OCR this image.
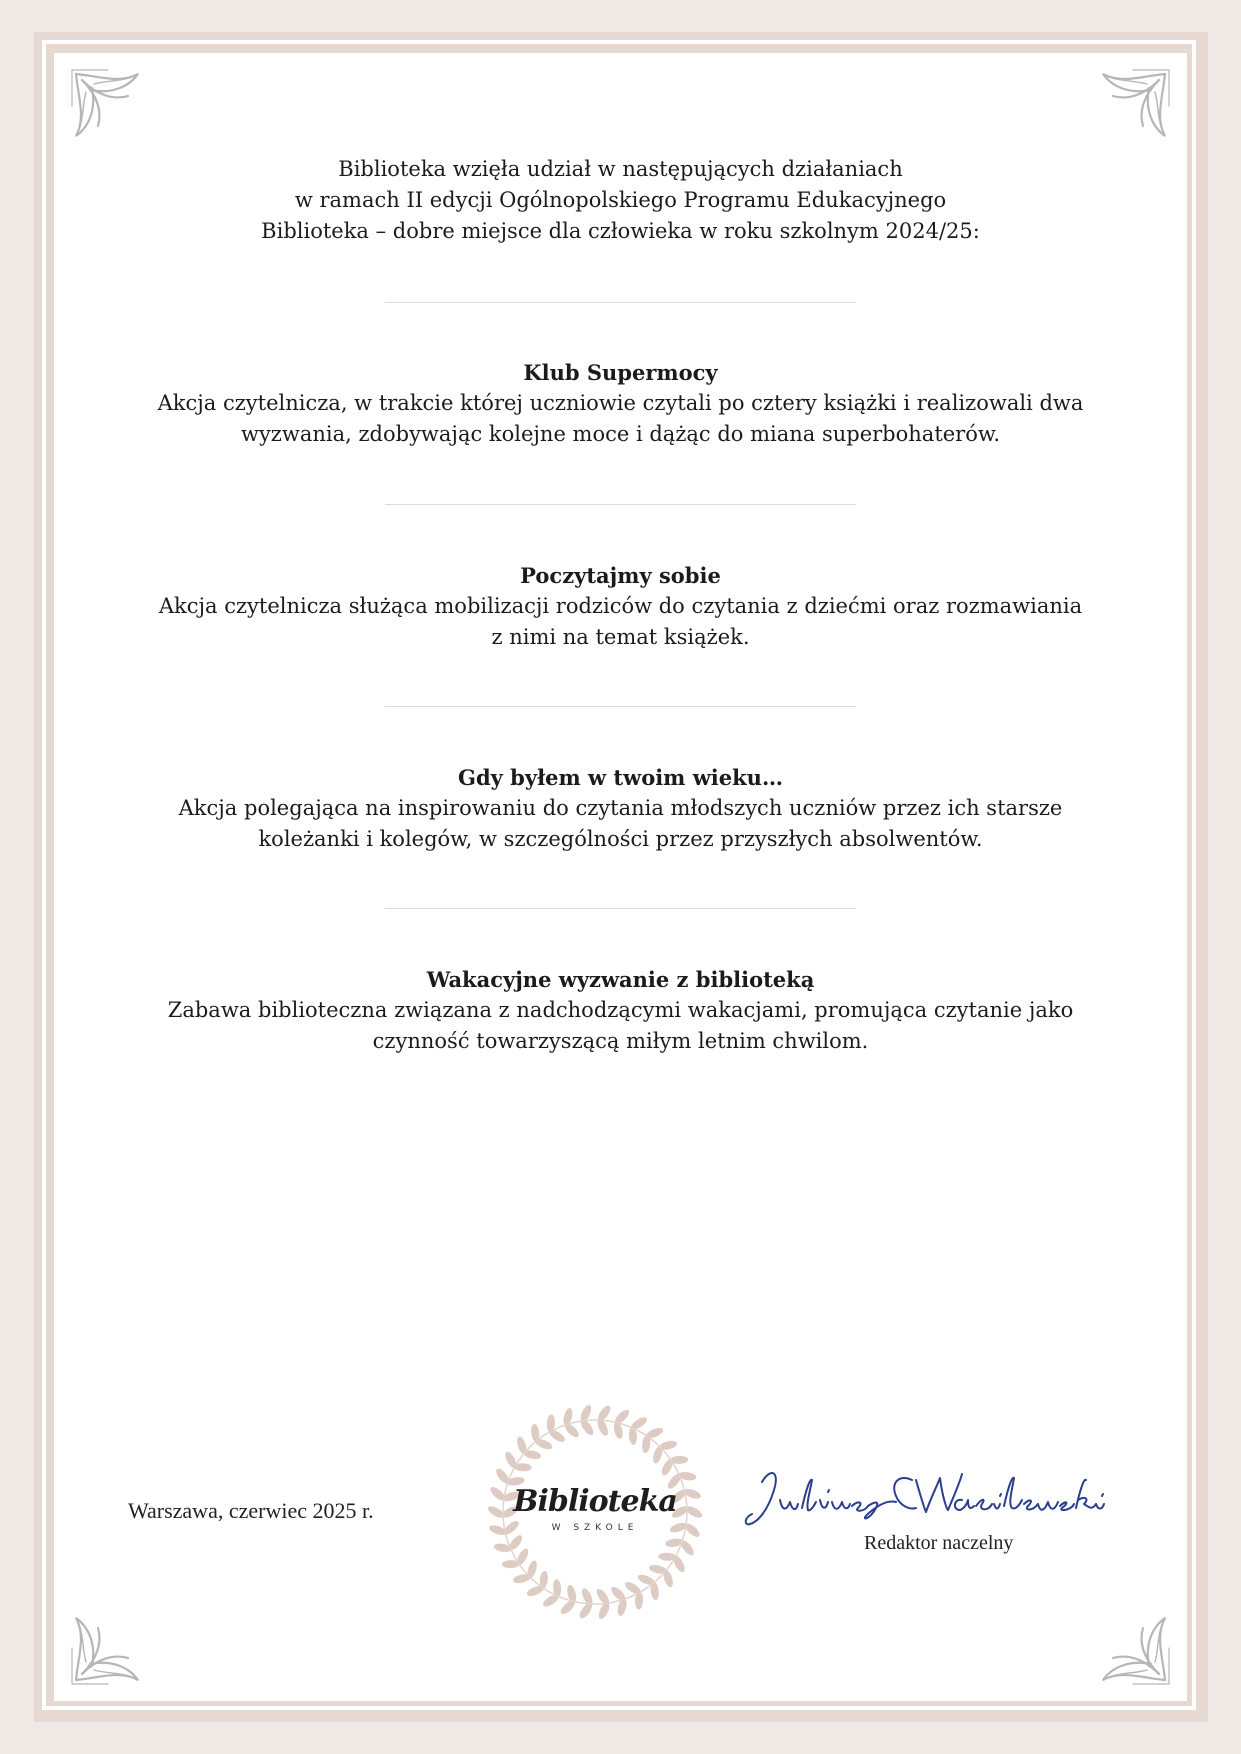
Biblioteka wzięła udział w następujących działaniach
w ramach II edycji Ogólnopolskiego Programu Edukacyjnego
Biblioteka – dobre miejsce dla człowieka w roku szkolnym 2024/25:
Klub Supermocy
Akcja czytelnicza, w trakcie której uczniowie czytali po cztery książki i realizowali dwa wyzwania, zdobywając kolejne moce i dążąc do miana superbohaterów.
Poczytajmy sobie
Akcja czytelnicza służąca mobilizacji rodziców do czytania z dziećmi oraz rozmawiania z nimi na temat książek.
Gdy byłem w twoim wieku…
Akcja polegająca na inspirowaniu do czytania młodszych uczniów przez ich starsze koleżanki i kolegów, w szczególności przez przyszłych absolwentów.
Wakacyjne wyzwanie z biblioteką
Zabawa biblioteczna związana z nadchodzącymi wakacjami, promująca czytanie jako czynność towarzyszącą miłym letnim chwilom.
Warszawa, czerwiec 2025 r.	Biblioteka
W SZKOLE
Redaktor naczelny
